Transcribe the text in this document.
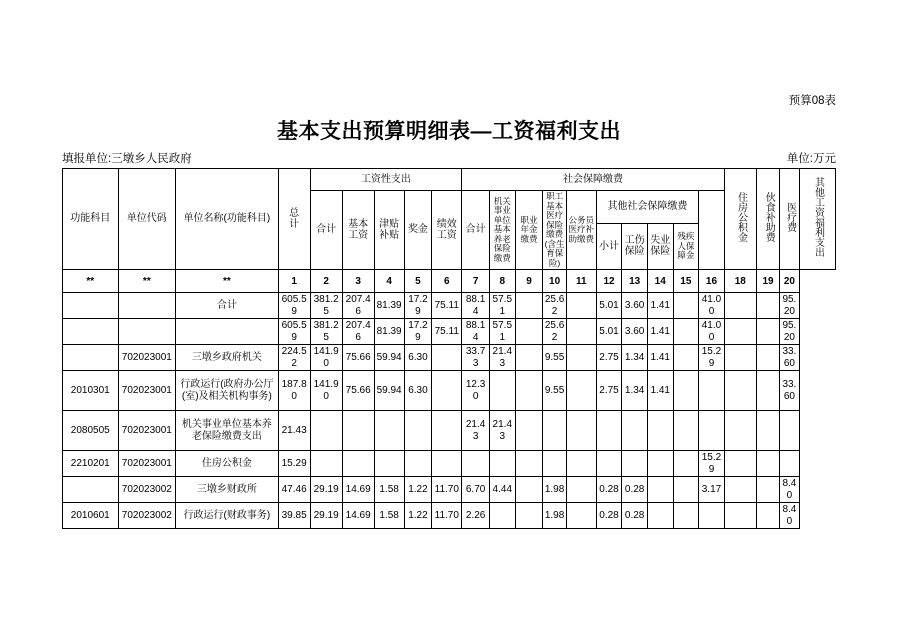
预算08表
基本支出预算明细表—工资福利支出
填报单位:三墩乡人民政府	单位:万元
功能科目	单位代码	单位名称(功能科目)	总　计	工资性支出					社会保障缴费										住房公积金	伙食补助费	医疗费	其他工资福利支出
				合计	基本工资	津贴补贴	奖金	绩效工资	合计	机关事业单位基本养老保险缴费	职业年金缴费	职工基本医疗保险缴费(含生育保险)	公务员医疗补助缴费	其他社会保障缴费								
														小计	工伤保险	失业保险	残疾人保障金					
**	**	**	1	2	3	4	5	6	7	8	9	10	11	12	13	14	15	16	18	19	20	
		合计	605.59	381.25	207.46	81.39	17.29	75.11	88.14	57.51		25.62		5.01	3.60	1.41		41.00			95.20	
			605.59	381.25	207.46	81.39	17.29	75.11	88.14	57.51		25.62		5.01	3.60	1.41		41.00			95.20	
	702023001	三墩乡政府机关	224.52	141.90	75.66	59.94	6.30		33.73	21.43		9.55		2.75	1.34	1.41		15.29			33.60	
2010301	702023001	行政运行(政府办公厅(室)及相关机构事务)	187.80	141.90	75.66	59.94	6.30		12.30			9.55		2.75	1.34	1.41					33.60	
2080505	702023001	机关事业单位基本养老保险缴费支出	21.43						21.43	21.43												
2210201	702023001	住房公积金	15.29															15.29				
	702023002	三墩乡财政所	47.46	29.19	14.69	1.58	1.22	11.70	6.70	4.44		1.98		0.28	0.28			3.17			8.40	
2010601	702023002	行政运行(财政事务)	39.85	29.19	14.69	1.58	1.22	11.70	2.26			1.98		0.28	0.28						8.40	
